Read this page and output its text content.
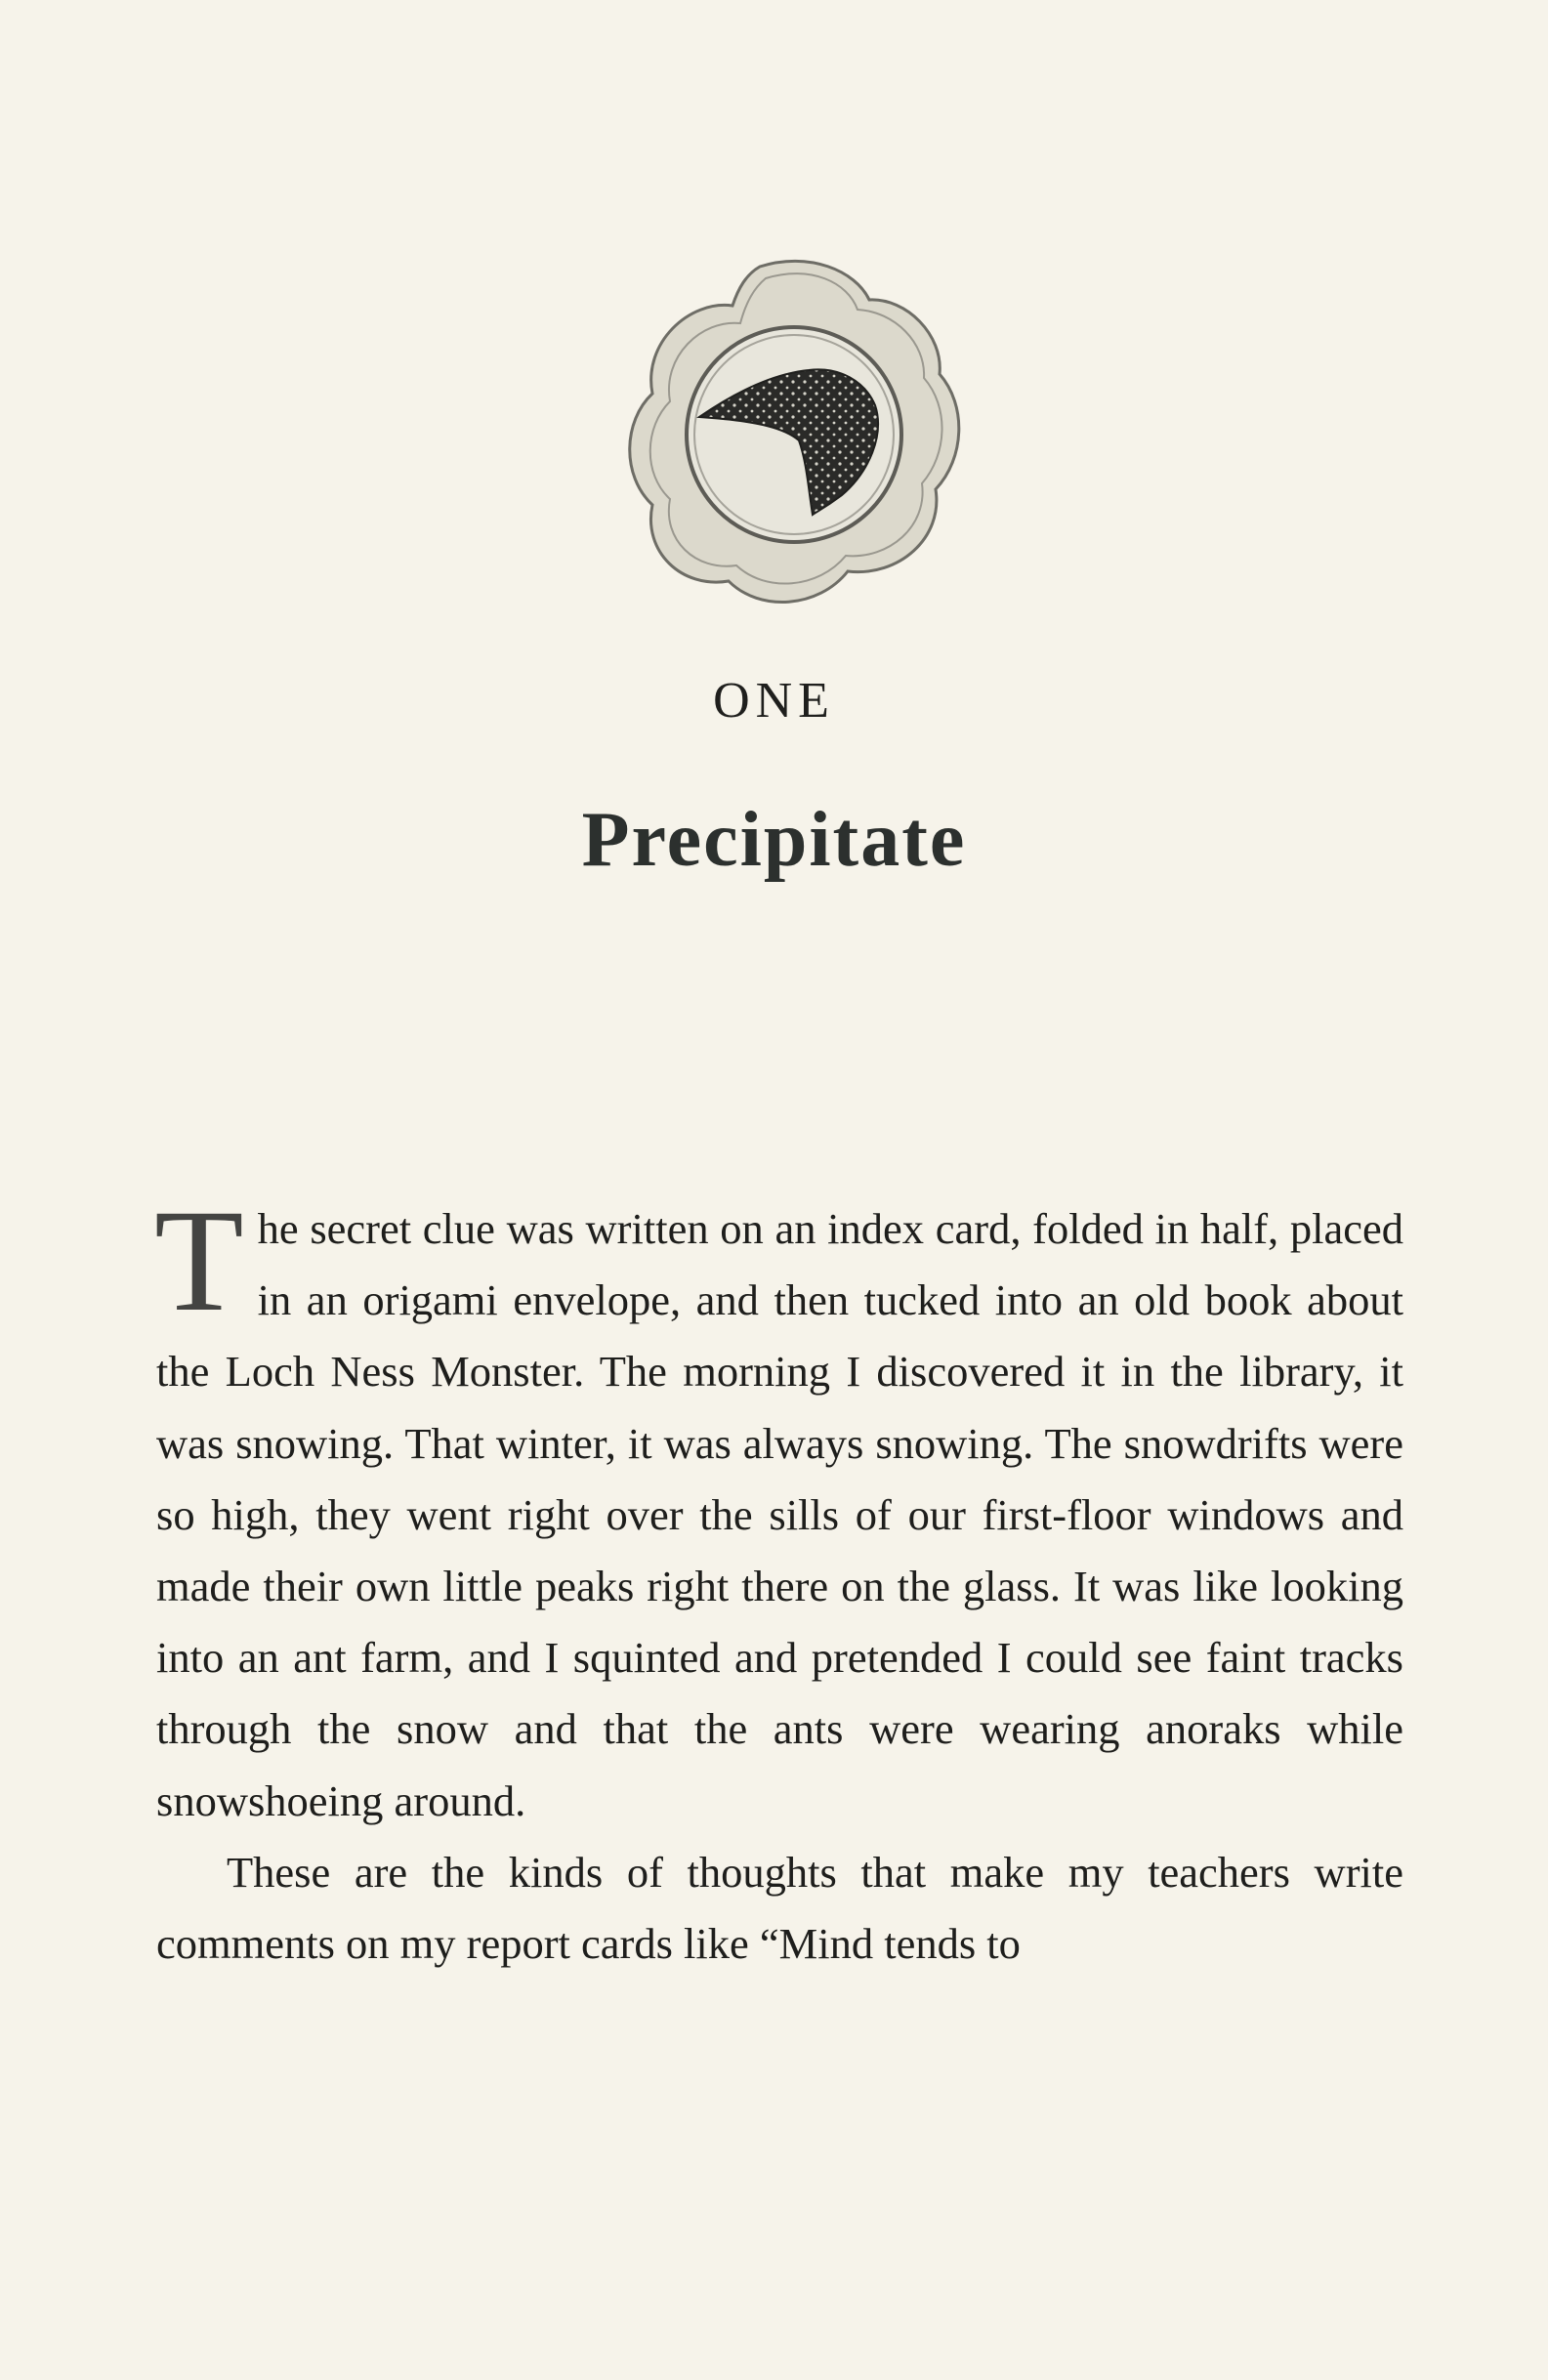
ONE
Precipitate

The secret clue was written on an index card, folded in half, placed in an origami envelope, and then tucked into an old book about the Loch Ness Monster. The morning I discovered it in the library, it was snowing. That winter, it was always snowing. The snowdrifts were so high, they went right over the sills of our first-floor windows and made their own little peaks right there on the glass. It was like looking into an ant farm, and I squinted and pretended I could see faint tracks through the snow and that the ants were wearing anoraks while snowshoeing around.

These are the kinds of thoughts that make my teachers write comments on my report cards like “Mind tends to
